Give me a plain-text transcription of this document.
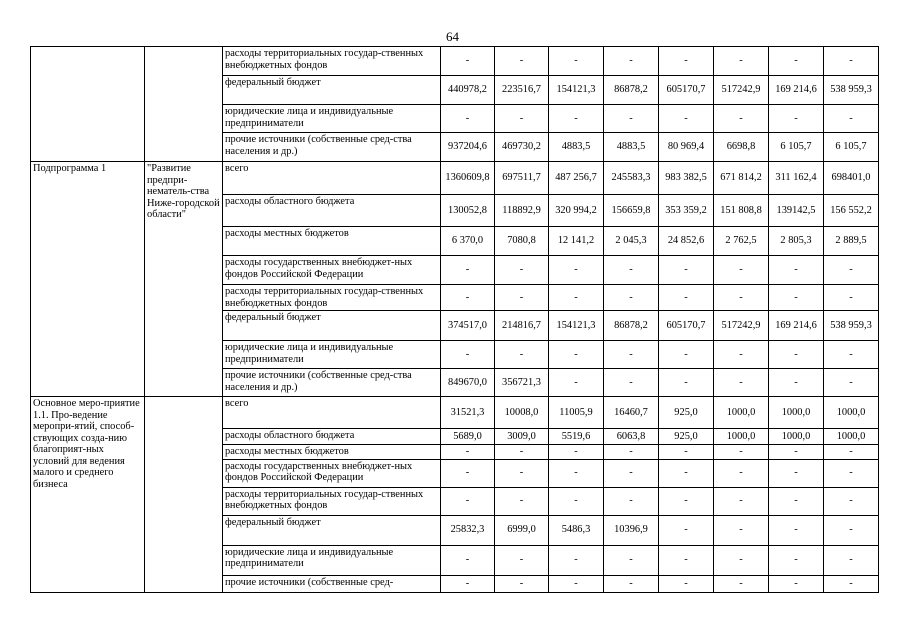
64
		расходы территориальных государ-ственных внебюджетных фондов	-	-	-	-	-	-	-	-
		федеральный бюджет	440978,2	223516,7	154121,3	86878,2	605170,7	517242,9	169 214,6	538 959,3
		юридические лица и индивидуальные предприниматели	-	-	-	-	-	-	-	-
		прочие источники (собственные сред-ства населения и др.)	937204,6	469730,2	4883,5	4883,5	80 969,4	6698,8	6 105,7	6 105,7
Подпрограмма 1	"Развитие предпри-нематель-ства Ниже-городской области"	всего	1360609,8	697511,7	487 256,7	245583,3	983 382,5	671 814,2	311 162,4	698401,0
		расходы областного бюджета	130052,8	118892,9	320 994,2	156659,8	353 359,2	151 808,8	139142,5	156 552,2
		расходы местных бюджетов	6 370,0	7080,8	12 141,2	2 045,3	24 852,6	2 762,5	2 805,3	2 889,5
		расходы государственных внебюджет-ных фондов Российской Федерации	-	-	-	-	-	-	-	-
		расходы территориальных государ-ственных внебюджетных фондов	-	-	-	-	-	-	-	-
		федеральный бюджет	374517,0	214816,7	154121,3	86878,2	605170,7	517242,9	169 214,6	538 959,3
		юридические лица и индивидуальные предприниматели	-	-	-	-	-	-	-	-
		прочие источники (собственные сред-ства населения и др.)	849670,0	356721,3	-	-	-	-	-	-
Основное меро-приятие 1.1. Про-ведение меропри-ятий, способ-ствующих созда-нию благоприят-ных условий для ведения малого и среднего бизнеса		всего	31521,3	10008,0	11005,9	16460,7	925,0	1000,0	1000,0	1000,0
		расходы областного бюджета	5689,0	3009,0	5519,6	6063,8	925,0	1000,0	1000,0	1000,0
		расходы местных бюджетов	-	-	-	-	-	-	-	-
		расходы государственных внебюджет-ных фондов Российской Федерации	-	-	-	-	-	-	-	-
		расходы территориальных государ-ственных внебюджетных фондов	-	-	-	-	-	-	-	-
		федеральный бюджет	25832,3	6999,0	5486,3	10396,9	-	-	-	-
		юридические лица и индивидуальные предприниматели	-	-	-	-	-	-	-	-
		прочие источники (собственные сред-	-	-	-	-	-	-	-	-
